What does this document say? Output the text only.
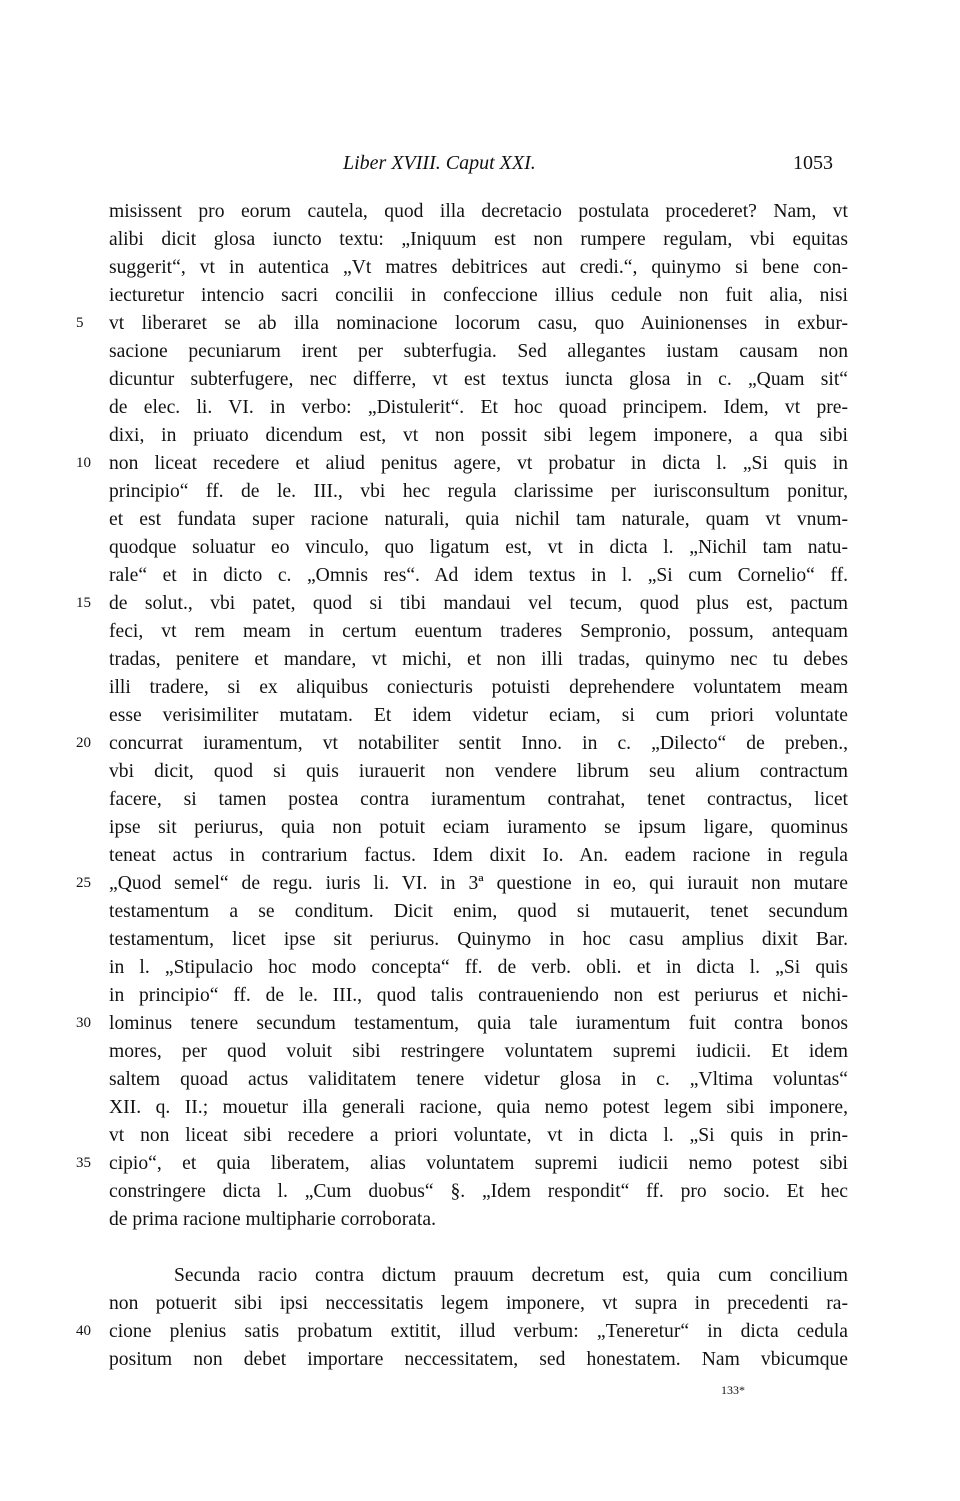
Liber XVIII. Caput XXI.	1053
misissent pro eorum cautela, quod illa decretacio postulata procederet? Nam, vt
alibi dicit glosa iuncto textu: „Iniquum est non rumpere regulam, vbi equitas
suggerit“, vt in autentica „Vt matres debitrices aut credi.“, quinymo si bene con-
iecturetur intencio sacri concilii in confeccione illius cedule non fuit alia, nisi
5	vt liberaret se ab illa nominacione locorum casu, quo Auinionenses in exbur-
sacione pecuniarum irent per subterfugia. Sed allegantes iustam causam non
dicuntur subterfugere, nec differre, vt est textus iuncta glosa in c. „Quam sit“
de elec. li. VI. in verbo: „Distulerit“. Et hoc quoad principem. Idem, vt pre-
dixi, in priuato dicendum est, vt non possit sibi legem imponere, a qua sibi
10 non liceat recedere et aliud penitus agere, vt probatur in dicta l. „Si quis in
principio“ ff. de le. III., vbi hec regula clarissime per iurisconsultum ponitur,
et est fundata super racione naturali, quia nichil tam naturale, quam vt vnum-
quodque soluatur eo vinculo, quo ligatum est, vt in dicta l. „Nichil tam natu-
rale“ et in dicto c. „Omnis res“. Ad idem textus in l. „Si cum Cornelio“ ff.
15 de solut., vbi patet, quod si tibi mandaui vel tecum, quod plus est, pactum
feci, vt rem meam in certum euentum traderes Sempronio, possum, antequam
tradas, penitere et mandare, vt michi, et non illi tradas, quinymo nec tu debes
illi tradere, si ex aliquibus coniecturis potuisti deprehendere voluntatem meam
esse verisimiliter mutatam. Et idem videtur eciam, si cum priori voluntate
20 concurrat iuramentum, vt notabiliter sentit Inno. in c. „Dilecto“ de preben.,
vbi dicit, quod si quis iurauerit non vendere librum seu alium contractum
facere, si tamen postea contra iuramentum contrahat, tenet contractus, licet
ipse sit periurus, quia non potuit eciam iuramento se ipsum ligare, quominus
teneat actus in contrarium factus. Idem dixit Io. An. eadem racione in regula
25 „Quod semel“ de regu. iuris li. VI. in 3ª questione in eo, qui iurauit non mutare
testamentum a se conditum. Dicit enim, quod si mutauerit, tenet secundum
testamentum, licet ipse sit periurus. Quinymo in hoc casu amplius dixit Bar.
in l. „Stipulacio hoc modo concepta“ ff. de verb. obli. et in dicta l. „Si quis
in principio“ ff. de le. III., quod talis contraueniendo non est periurus et nichi-
30 lominus tenere secundum testamentum, quia tale iuramentum fuit contra bonos
mores, per quod voluit sibi restringere voluntatem supremi iudicii. Et idem
saltem quoad actus validitatem tenere videtur glosa in c. „Vltima voluntas“
XII. q. II.; mouetur illa generali racione, quia nemo potest legem sibi imponere,
vt non liceat sibi recedere a priori voluntate, vt in dicta l. „Si quis in prin-
35 cipio“, et quia liberatem, alias voluntatem supremi iudicii nemo potest sibi
constringere dicta l. „Cum duobus“ §. „Idem respondit“ ff. pro socio. Et hec
de prima racione multipharie corroborata.
Secunda racio contra dictum prauum decretum est, quia cum concilium
non potuerit sibi ipsi neccessitatis legem imponere, vt supra in precedenti ra-
40 cione plenius satis probatum extitit, illud verbum: „Teneretur“ in dicta cedula
positum non debet importare neccessitatem, sed honestatem. Nam vbicumque
133*
